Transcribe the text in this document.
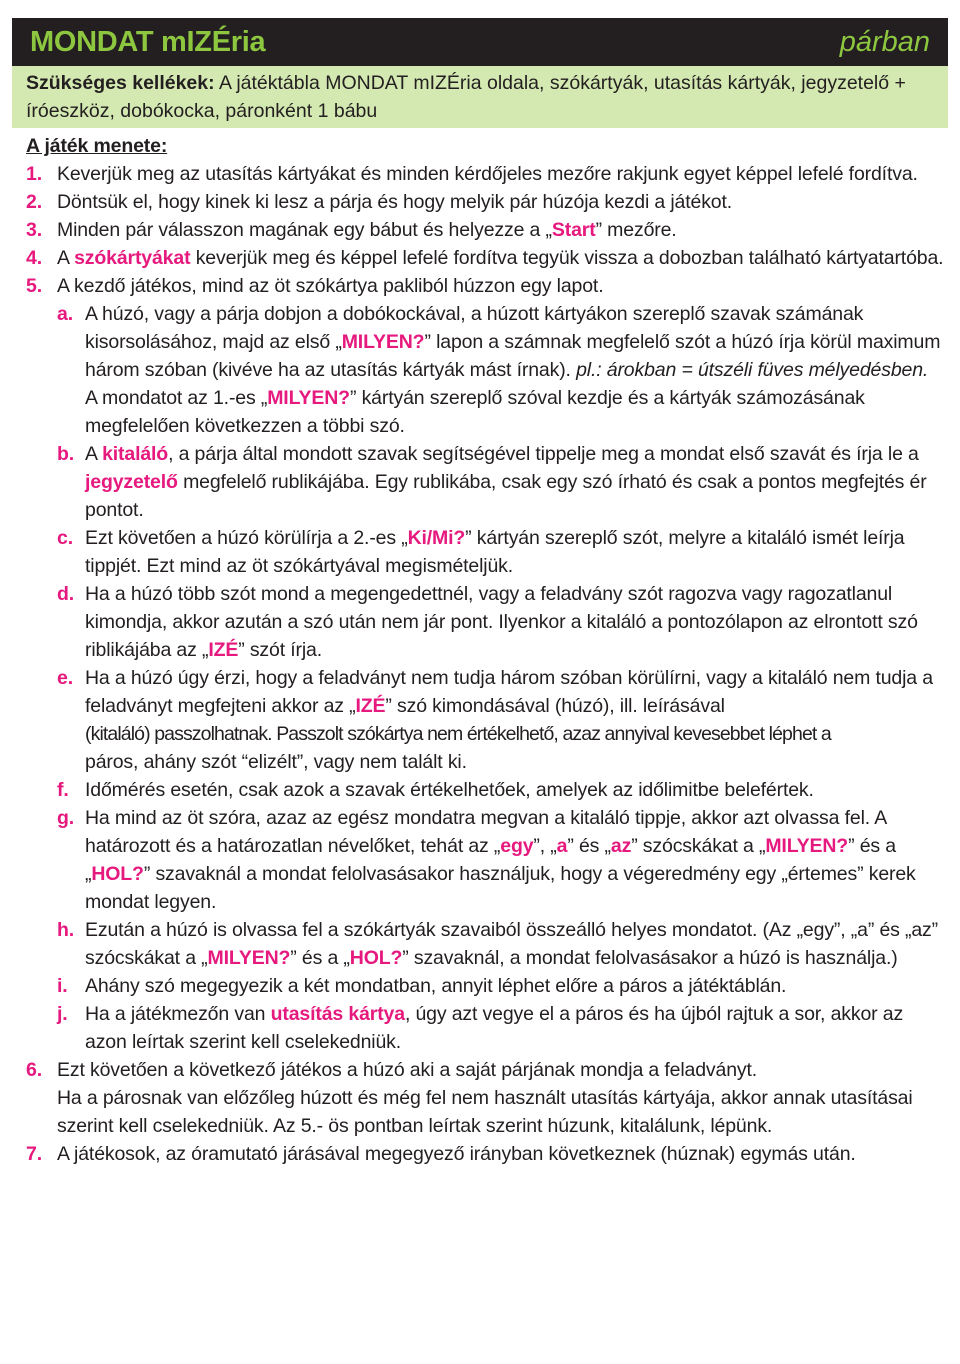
MONDAT mIZÉria	párban
Szükséges kellékek: A játéktábla MONDAT mIZÉria oldala, szókártyák, utasítás kártyák, jegyzetelő + íróeszköz, dobókocka, páronként 1 bábu
A játék menete:
1. Keverjük meg az utasítás kártyákat és minden kérdőjeles mezőre rakjunk egyet képpel lefelé fordítva.
2. Döntsük el, hogy kinek ki lesz a párja és hogy melyik pár húzója kezdi a játékot.
3. Minden pár válasszon magának egy bábut és helyezze a „Start” mezőre.
4. A szókártyákat keverjük meg és képpel lefelé fordítva tegyük vissza a dobozban található kártyatartóba.
5. A kezdő játékos, mind az öt szókártya pakliból húzzon egy lapot.
a. A húzó, vagy a párja dobjon a dobókockával, a húzott kártyákon szereplő szavak számának kisorsolásához, majd az első „MILYEN?” lapon a számnak megfelelő szót a húzó írja körül maximum három szóban (kivéve ha az utasítás kártyák mást írnak). pl.: árokban = útszéli füves mélyedésben.
A mondatot az 1.-es „MILYEN?” kártyán szereplő szóval kezdje és a kártyák számozásának megfelelően következzen a többi szó.
b. A kitaláló, a párja által mondott szavak segítségével tippelje meg a mondat első szavát és írja le a jegyzetelő megfelelő rublikájába. Egy rublikába, csak egy szó írható és csak a pontos megfejtés ér pontot.
c. Ezt követően a húzó körülírja a 2.-es „Ki/Mi?” kártyán szereplő szót, melyre a kitaláló ismét leírja tippjét. Ezt mind az öt szókártyával megismételjük.
d. Ha a húzó több szót mond a megengedettnél, vagy a feladvány szót ragozva vagy ragozatlanul kimondja, akkor azután a szó után nem jár pont. Ilyenkor a kitaláló a pontozólapon az elrontott szó riblikájába az „IZÉ” szót írja.
e. Ha a húzó úgy érzi, hogy a feladványt nem tudja három szóban körülírni, vagy a kitaláló nem tudja a feladványt megfejteni akkor az „IZÉ” szó kimondásával (húzó), ill. leírásával
(kitaláló) passzolhatnak. Passzolt szókártya nem értékelhető, azaz annyival kevesebbet léphet a
páros, ahány szót “elizélt”, vagy nem talált ki.
f. Időmérés esetén, csak azok a szavak értékelhetőek, amelyek az időlimitbe belefértek.
g. Ha mind az öt szóra, azaz az egész mondatra megvan a kitaláló tippje, akkor azt olvassa fel. A határozott és a határozatlan névelőket, tehát az „egy”, „a” és „az” szócskákat a „MILYEN?” és a „HOL?” szavaknál a mondat felolvasásakor használjuk, hogy a végeredmény egy „értemes” kerek mondat legyen.
h. Ezután a húzó is olvassa fel a szókártyák szavaiból összeálló helyes mondatot. (Az „egy”, „a” és „az” szócskákat a „MILYEN?” és a „HOL?” szavaknál, a mondat felolvasásakor a húzó is használja.)
i. Ahány szó megegyezik a két mondatban, annyit léphet előre a páros a játéktáblán.
j. Ha a játékmezőn van utasítás kártya, úgy azt vegye el a páros és ha újból rajtuk a sor, akkor az azon leírtak szerint kell cselekedniük.
6. Ezt követően a következő játékos a húzó aki a saját párjának mondja a feladványt.
Ha a párosnak van előzőleg húzott és még fel nem használt utasítás kártyája, akkor annak utasításai szerint kell cselekedniük. Az 5.- ös pontban leírtak szerint húzunk, kitalálunk, lépünk.
7. A játékosok, az óramutató járásával megegyező irányban következnek (húznak) egymás után.
